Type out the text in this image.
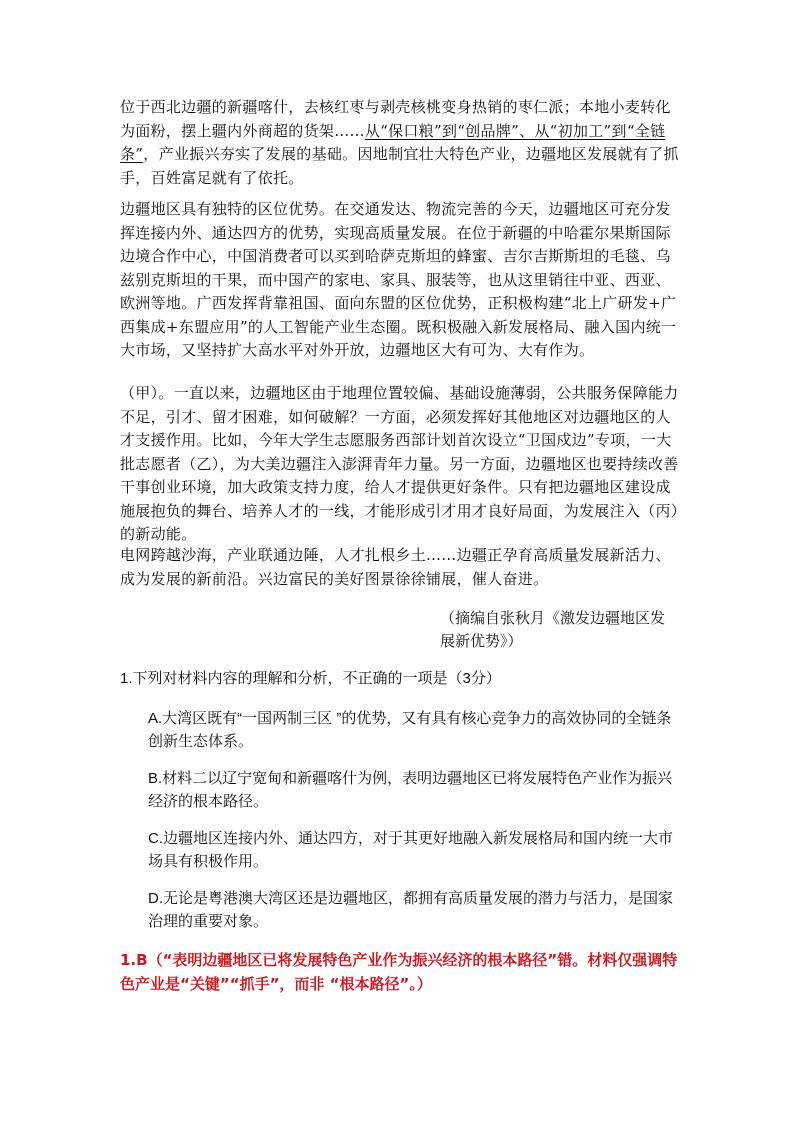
位于西北边疆的新疆喀什，去核红枣与剥壳核桃变身热销的枣仁派；本地小麦转化为面粉，摆上疆内外商超的货架……从“保口粮”到“创品牌”、从“初加工”到“全链条”，产业振兴夯实了发展的基础。因地制宜壮大特色产业，边疆地区发展就有了抓手，百姓富足就有了依托。

边疆地区具有独特的区位优势。在交通发达、物流完善的今天，边疆地区可充分发挥连接内外、通达四方的优势，实现高质量发展。在位于新疆的中哈霍尔果斯国际边境合作中心，中国消费者可以买到哈萨克斯坦的蜂蜜、吉尔吉斯斯坦的毛毯、乌兹别克斯坦的干果，而中国产的家电、家具、服装等，也从这里销往中亚、西亚、欧洲等地。广西发挥背靠祖国、面向东盟的区位优势，正积极构建“北上广研发+广西集成+东盟应用”的人工智能产业生态圈。既积极融入新发展格局、融入国内统一大市场，又坚持扩大高水平对外开放，边疆地区大有可为、大有作为。

（甲）。一直以来，边疆地区由于地理位置较偏、基础设施薄弱，公共服务保障能力不足，引才、留才困难，如何破解？一方面，必须发挥好其他地区对边疆地区的人才支援作用。比如，今年大学生志愿服务西部计划首次设立“卫国戍边”专项，一大批志愿者（乙），为大美边疆注入澎湃青年力量。另一方面，边疆地区也要持续改善干事创业环境，加大政策支持力度，给人才提供更好条件。只有把边疆地区建设成施展抱负的舞台、培养人才的一线，才能形成引才用才良好局面，为发展注入（丙）的新动能。

电网跨越沙海，产业联通边陲，人才扎根乡土……边疆正孕育高质量发展新活力、成为发展的新前沿。兴边富民的美好图景徐徐铺展，催人奋进。

（摘编自张秋月《激发边疆地区发
展新优势》）
1.下列对材料内容的理解和分析，不正确的一项是（3分）
A.大湾区既有“一国两制三区 ”的优势，又有具有核心竞争力的高效协同的全链条创新生态体系。
B.材料二以辽宁宽甸和新疆喀什为例，表明边疆地区已将发展特色产业作为振兴经济的根本路径。
C.边疆地区连接内外、通达四方，对于其更好地融入新发展格局和国内统一大市场具有积极作用。
D.无论是粤港澳大湾区还是边疆地区，都拥有高质量发展的潜力与活力，是国家治理的重要对象。
1.B（“表明边疆地区已将发展特色产业作为振兴经济的根本路径”错。材料仅强调特色产业是“关键”“抓手”，而非 “根本路径”。）
